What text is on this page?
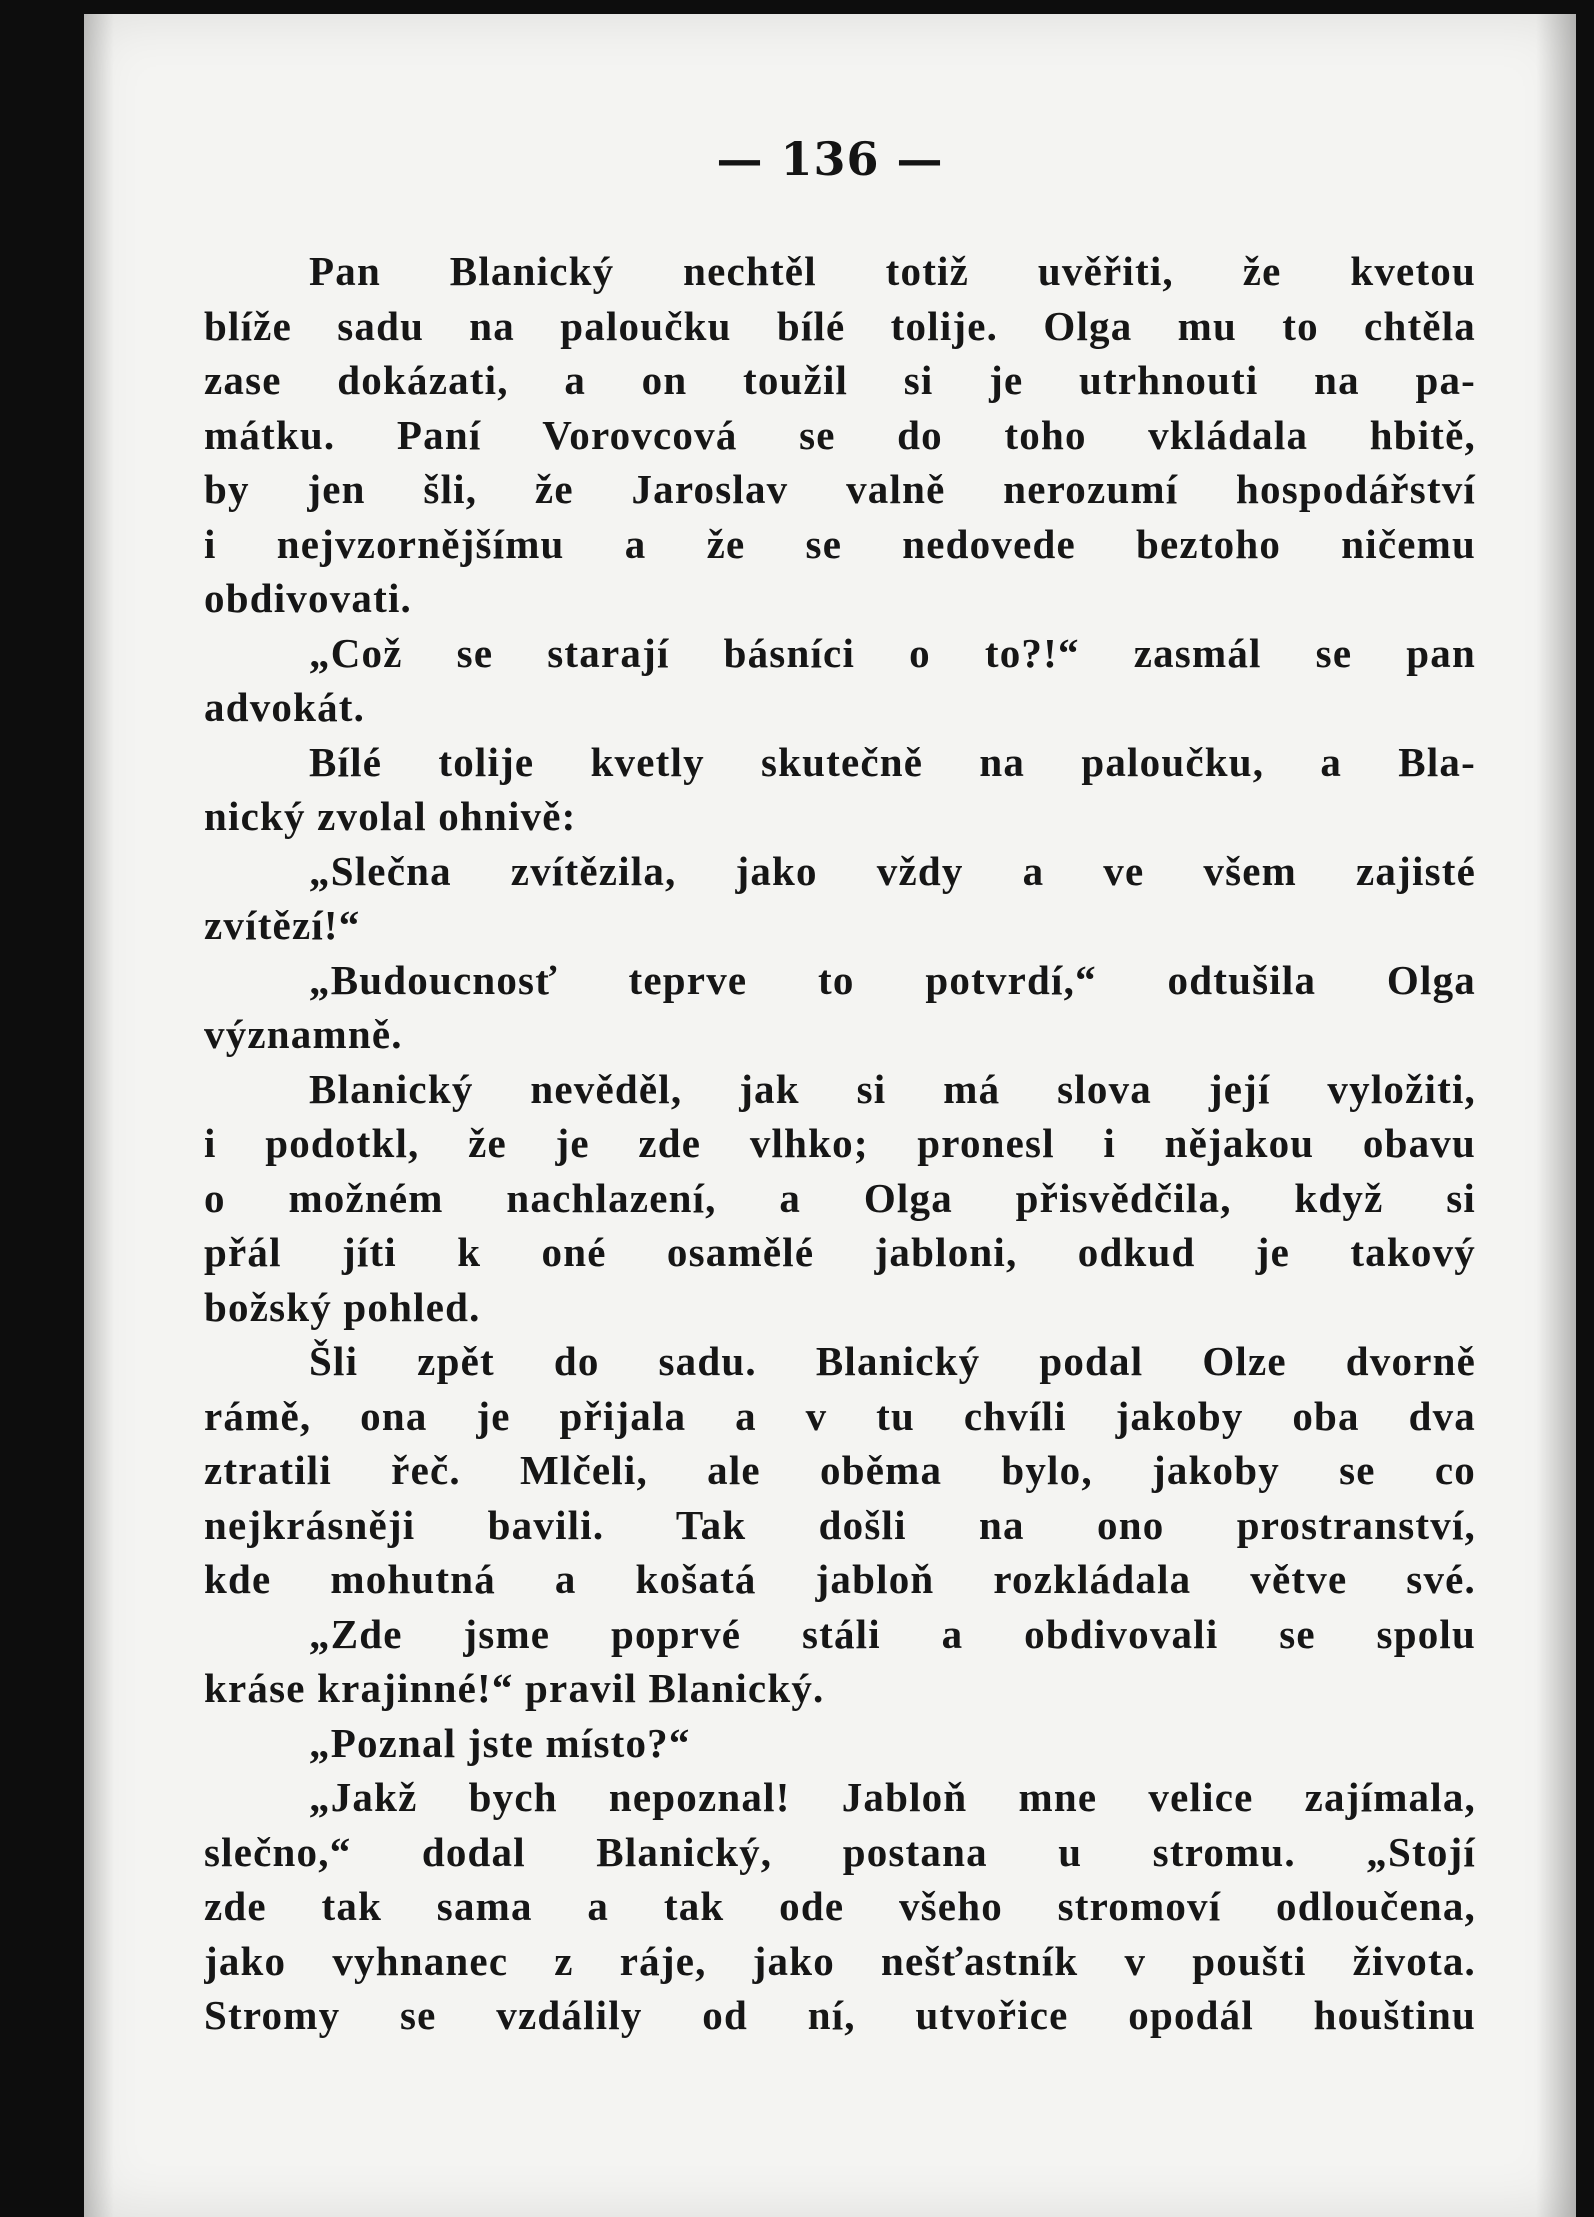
— 136 —
Pan Blanický nechtěl totiž uvěřiti, že kvetou
blíže sadu na paloučku bílé tolije. Olga mu to chtěla
zase dokázati, a on toužil si je utrhnouti na pa-
mátku. Paní Vorovcová se do toho vkládala hbitě,
by jen šli, že Jaroslav valně nerozumí hospodářství
i nejvzornějšímu a že se nedovede beztoho ničemu
obdivovati.
„Což se starají básníci o to?!“ zasmál se pan
advokát.
Bílé tolije kvetly skutečně na paloučku, a Bla-
nický zvolal ohnivě:
„Slečna zvítězila, jako vždy a ve všem zajisté
zvítězí!“
„Budoucnosť teprve to potvrdí,“ odtušila Olga
významně.
Blanický nevěděl, jak si má slova její vyložiti,
i podotkl, že je zde vlhko; pronesl i nějakou obavu
o možném nachlazení, a Olga přisvědčila, když si
přál jíti k oné osamělé jabloni, odkud je takový
božský pohled.
Šli zpět do sadu. Blanický podal Olze dvorně
rámě, ona je přijala a v tu chvíli jakoby oba dva
ztratili řeč. Mlčeli, ale oběma bylo, jakoby se co
nejkrásněji bavili. Tak došli na ono prostranství,
kde mohutná a košatá jabloň rozkládala větve své.
„Zde jsme poprvé stáli a obdivovali se spolu
kráse krajinné!“ pravil Blanický.
„Poznal jste místo?“
„Jakž bych nepoznal! Jabloň mne velice zajímala,
slečno,“ dodal Blanický, postana u stromu. „Stojí
zde tak sama a tak ode všeho stromoví odloučena,
jako vyhnanec z ráje, jako nešťastník v poušti života.
Stromy se vzdálily od ní, utvořice opodál houštinu
